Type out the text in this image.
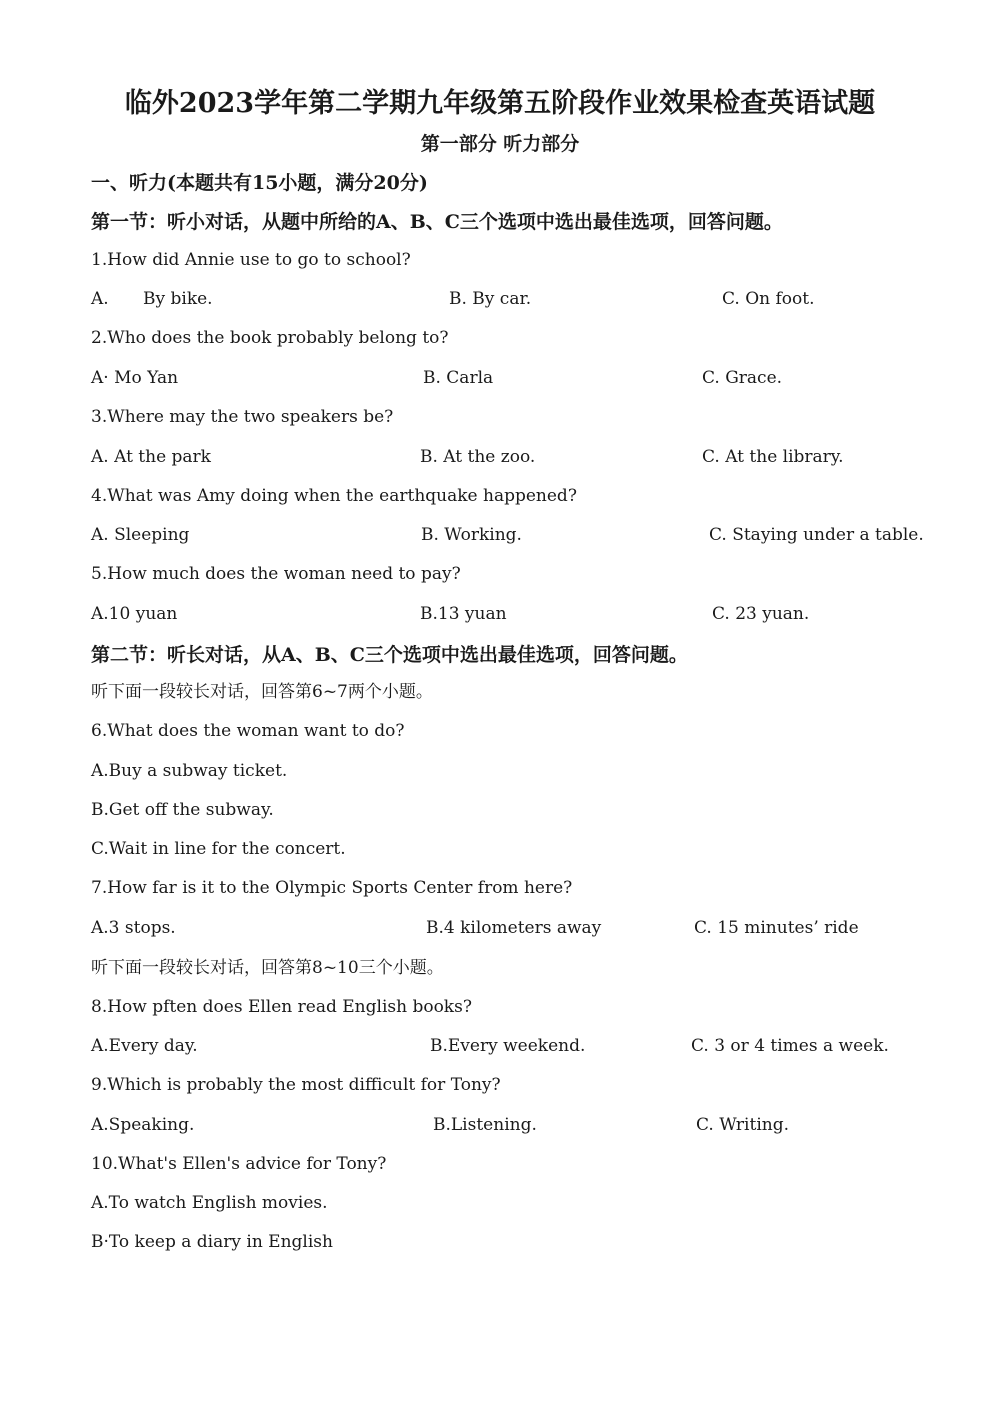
临外2023学年第二学期九年级第五阶段作业效果检查英语试题
第一部分 听力部分
一、听力(本题共有15小题，满分20分)
第一节：听小对话，从题中所给的A、B、C三个选项中选出最佳选项，回答问题。
1.How did Annie use to go to school?
A. By bike.	B. By car.	C. On foot.
2.Who does the book probably belong to?
A· Mo Yan	B. Carla	C. Grace.
3.Where may the two speakers be?
A. At the park	B. At the zoo.	C. At the library.
4.What was Amy doing when the earthquake happened?
A. Sleeping	B. Working.	C. Staying under a table.
5.How much does the woman need to pay?
A.10 yuan	B.13 yuan	C. 23 yuan.
第二节：听长对话，从A、B、C三个选项中选出最佳选项，回答问题。
听下面一段较长对话，回答第6~7两个小题。
6.What does the woman want to do?
A.Buy a subway ticket.
B.Get off the subway.
C.Wait in line for the concert.
7.How far is it to the Olympic Sports Center from here?
A.3 stops.	B.4 kilometers away	C. 15 minutes’ ride
听下面一段较长对话，回答第8~10三个小题。
8.How pften does Ellen read English books?
A.Every day.	B.Every weekend.	C. 3 or 4 times a week.
9.Which is probably the most difficult for Tony?
A.Speaking.	B.Listening.	C. Writing.
10.What's Ellen's advice for Tony?
A.To watch English movies.
B·To keep a diary in English
